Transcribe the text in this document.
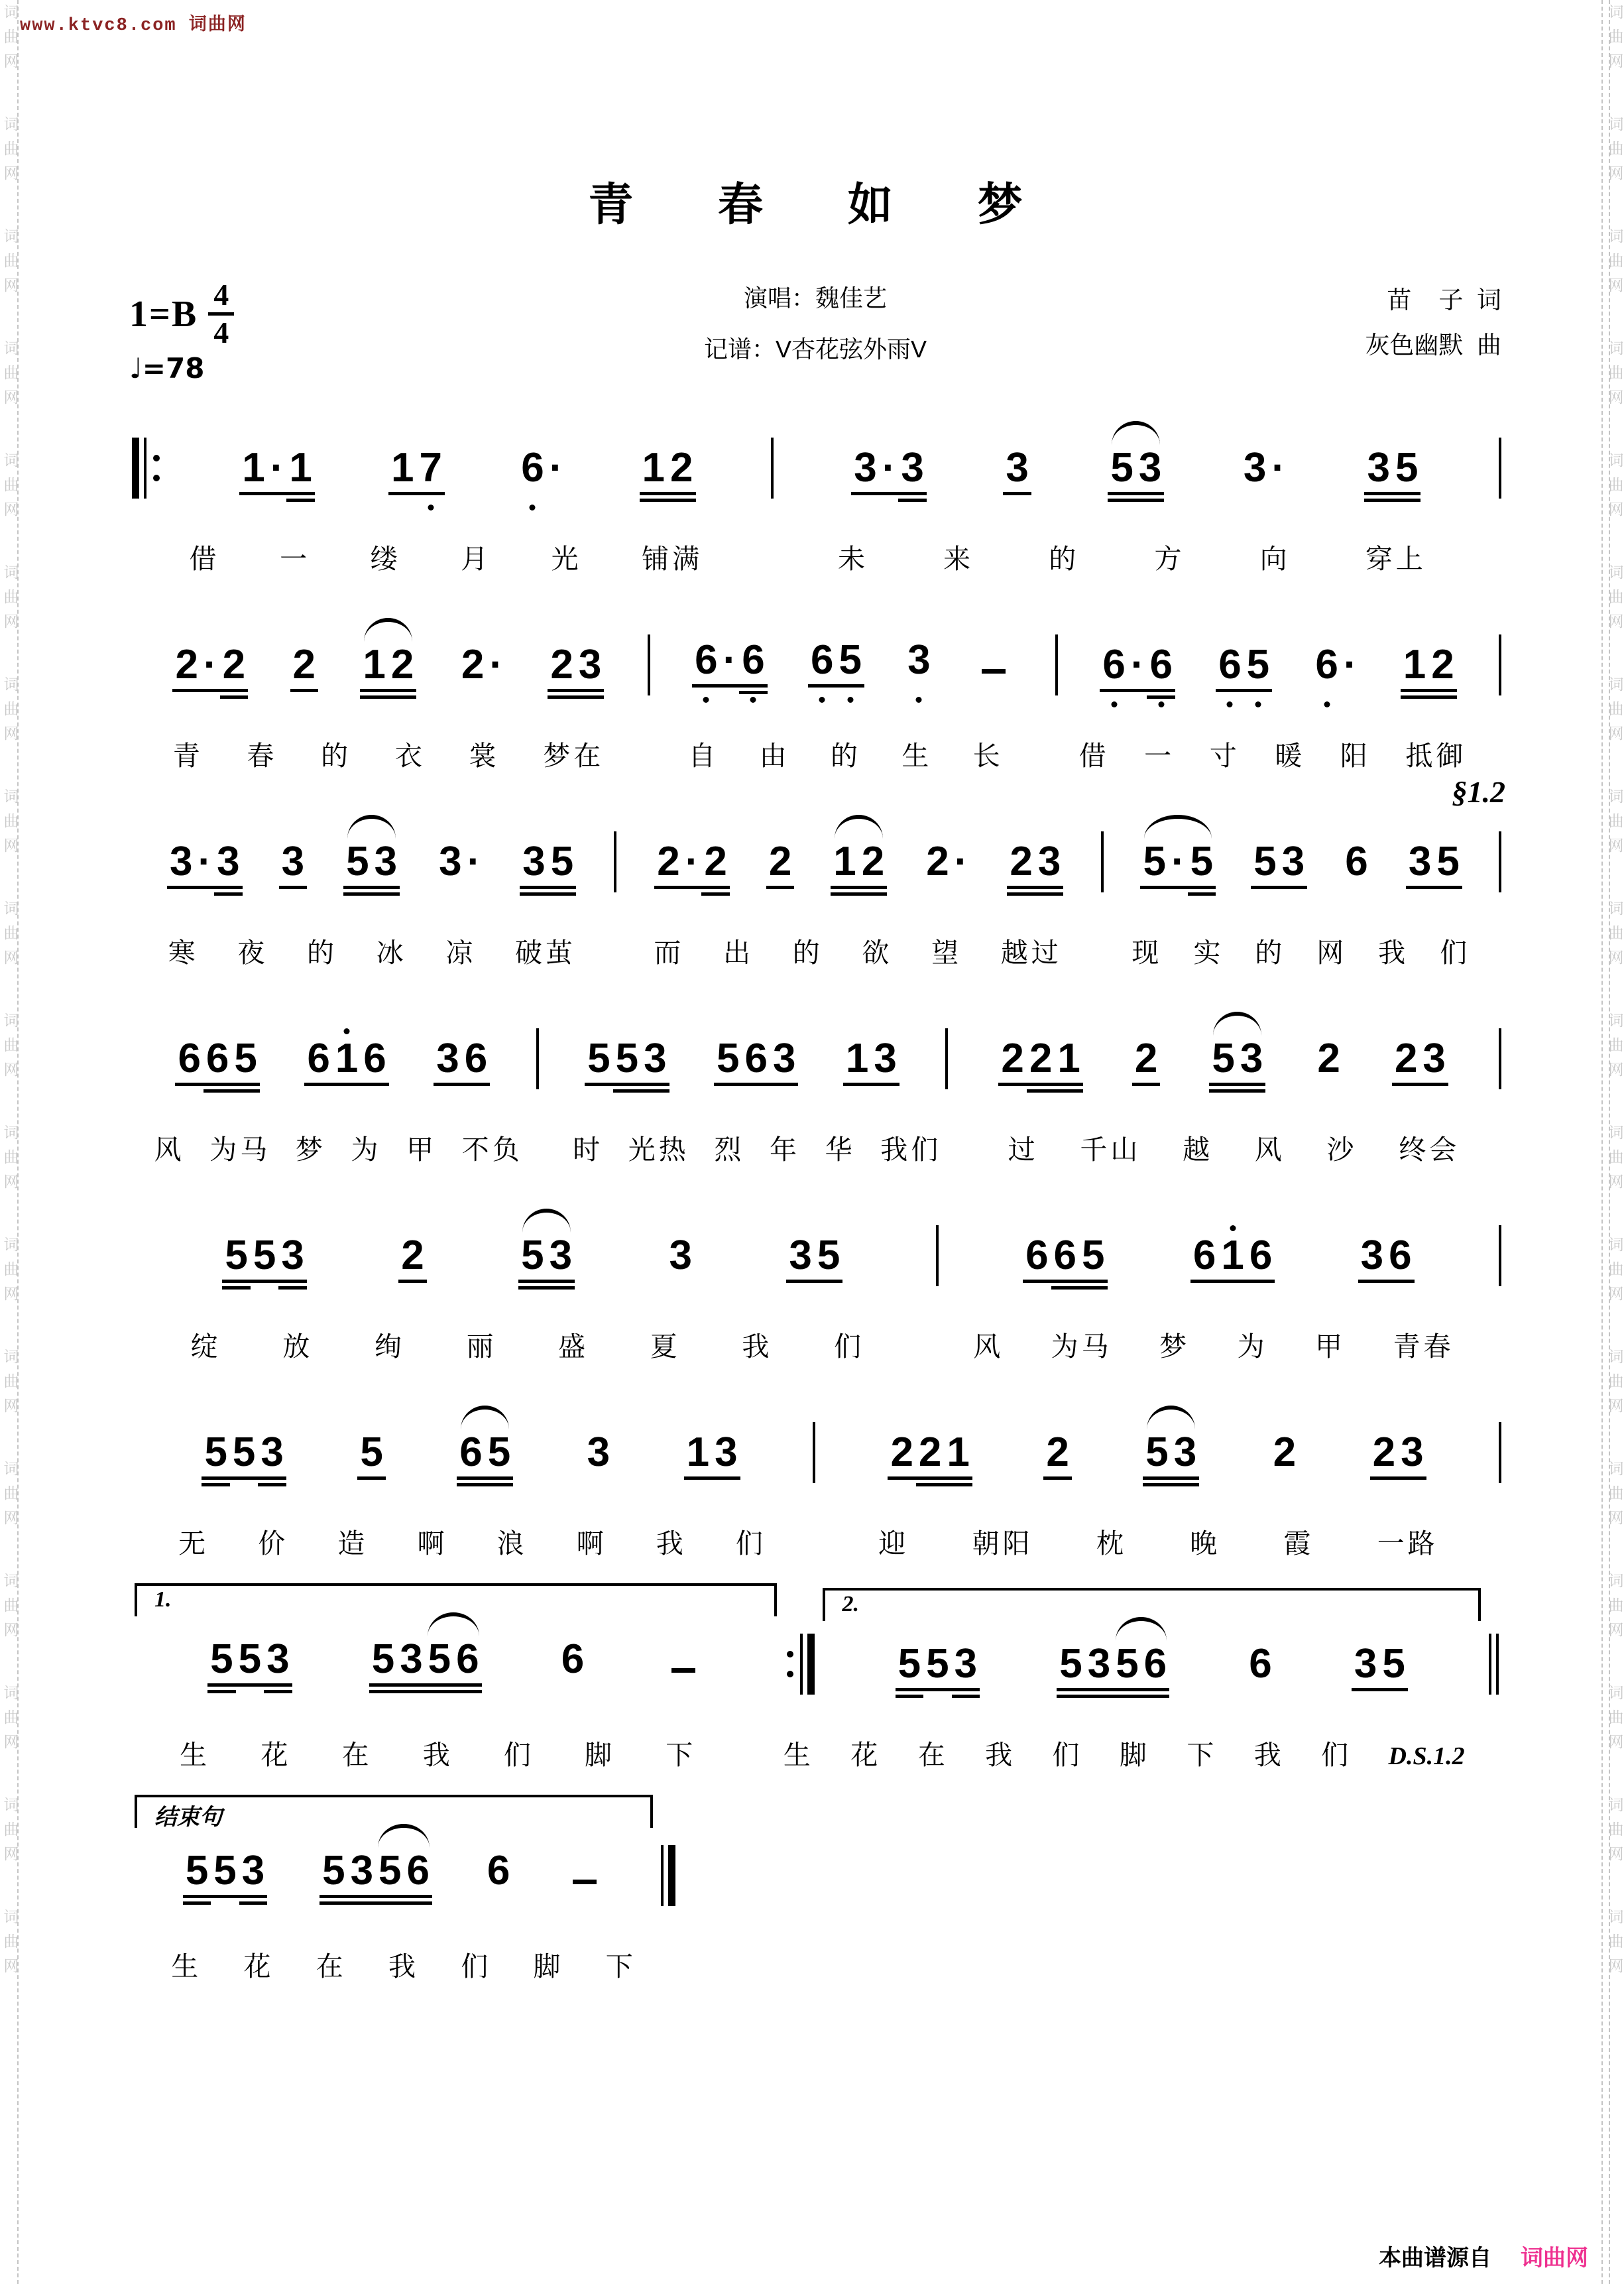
www.ktvc8.com 词曲网
词曲网
词曲网
词曲网
词曲网
词曲网
词曲网
词曲网
词曲网
词曲网
词曲网
词曲网
词曲网
词曲网
词曲网
词曲网
词曲网
词曲网
词曲网
词曲网
词曲网
词曲网
词曲网
词曲网
词曲网
词曲网
词曲网
词曲网
词曲网
词曲网
词曲网
词曲网
词曲网
词曲网
词曲网
词曲网
词曲网
青  春  如  梦
$1=B \frac{4}{4}$
♩=78
演唱：魏佳艺
记谱：V杏花弦外雨V
苗    子  词
灰色幽默  曲
1 · 1 1 7 6 · 1 2	3 · 3 3 5 3 3 · 3 5
借 一 缕 月 光 铺满	未	来	的	方	向	穿上
2 · 2 2 1 2 2 · 2 3 6 · 6 6 5 3	6 · 6 6 5 6 · 1 2
青 春 的 衣 裳 梦在	自 由 的 生 长	借 一 寸 暖 阳 抵御
§1.2
3 · 3 3 5 3 3 · 3 5 2 · 2 2 1 2 2 · 2 3 5 · 5 5 3 6 3 5
寒 夜 的 冰 凉 破茧	而 出 的 欲 望 越过	现 实 的 网 我 们
6 6 5 6 1 6 3 6 5 5 3 5 6 3 1 3	2 2 1 2 5 3 2 2 3
风 为马 梦 为 甲 不负 时 光热 烈 年 华 我们 过 千山 越 风 沙 终会
5 5 3 2 5 3 3 3 5	6 6 5 6 1 6 3 6
绽 放 绚 丽 盛 夏 我 们	风 为马 梦 为 甲 青春
5 5 3 5 6 5 3 1 3	2 2 1 2 5 3 2 2 3
无 价 造 啊 浪 啊 我 们	迎 朝阳 枕 晚 霞 一路
1.
5 5 3 5 3 5 6 6
2.
5 5 3 5 3 5 6 6 3 5
生 花 在 我 们 脚 下	生 花 在 我 们 脚 下 我 们 D.S.1.2
结束句
5 5 3 5 3 5 6 6
生 花 在 我 们 脚 下
本曲谱源自 词曲网
